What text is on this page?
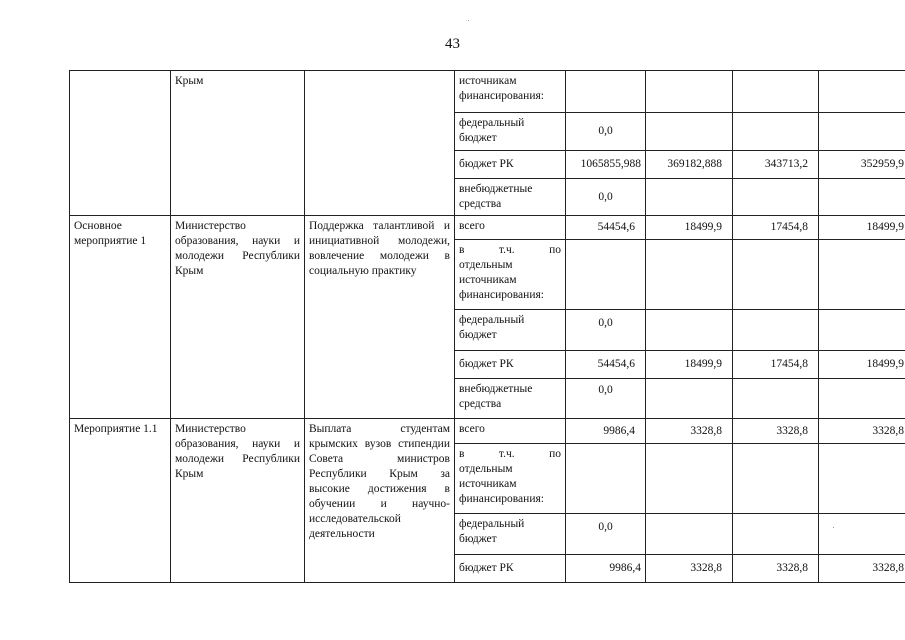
43
	Крым		источникам финансирования:				
			федеральный бюджет	0,0			
			бюджет РК	1065855,988	369182,888	343713,2	352959,9
			внебюджетные средства	0,0			
Основное мероприятие 1	Министерство образования, науки и молодежи Республики Крым	Поддержка талантливой и инициативной молодежи, вовлечение молодежи в социальную практику	всего	54454,6	18499,9	17454,8	18499,9

			в т.ч. по
отдельным источникам финансирования:				

			федеральный бюджет	0,0			
			бюджет РК	54454,6	18499,9	17454,8	18499,9
			внебюджетные средства	0,0			
Мероприятие 1.1	Министерство образования, науки и молодежи Республики Крым	Выплата студентам крымских вузов стипендии Совета министров Республики Крым за высокие достижения в обучении и научно-исследовательской деятельности	всего	9986,4	3328,8	3328,8	3328,8

			в т.ч. по
отдельным источникам финансирования:				

			федеральный бюджет	0,0			
			бюджет РК	9986,4	3328,8	3328,8	3328,8
